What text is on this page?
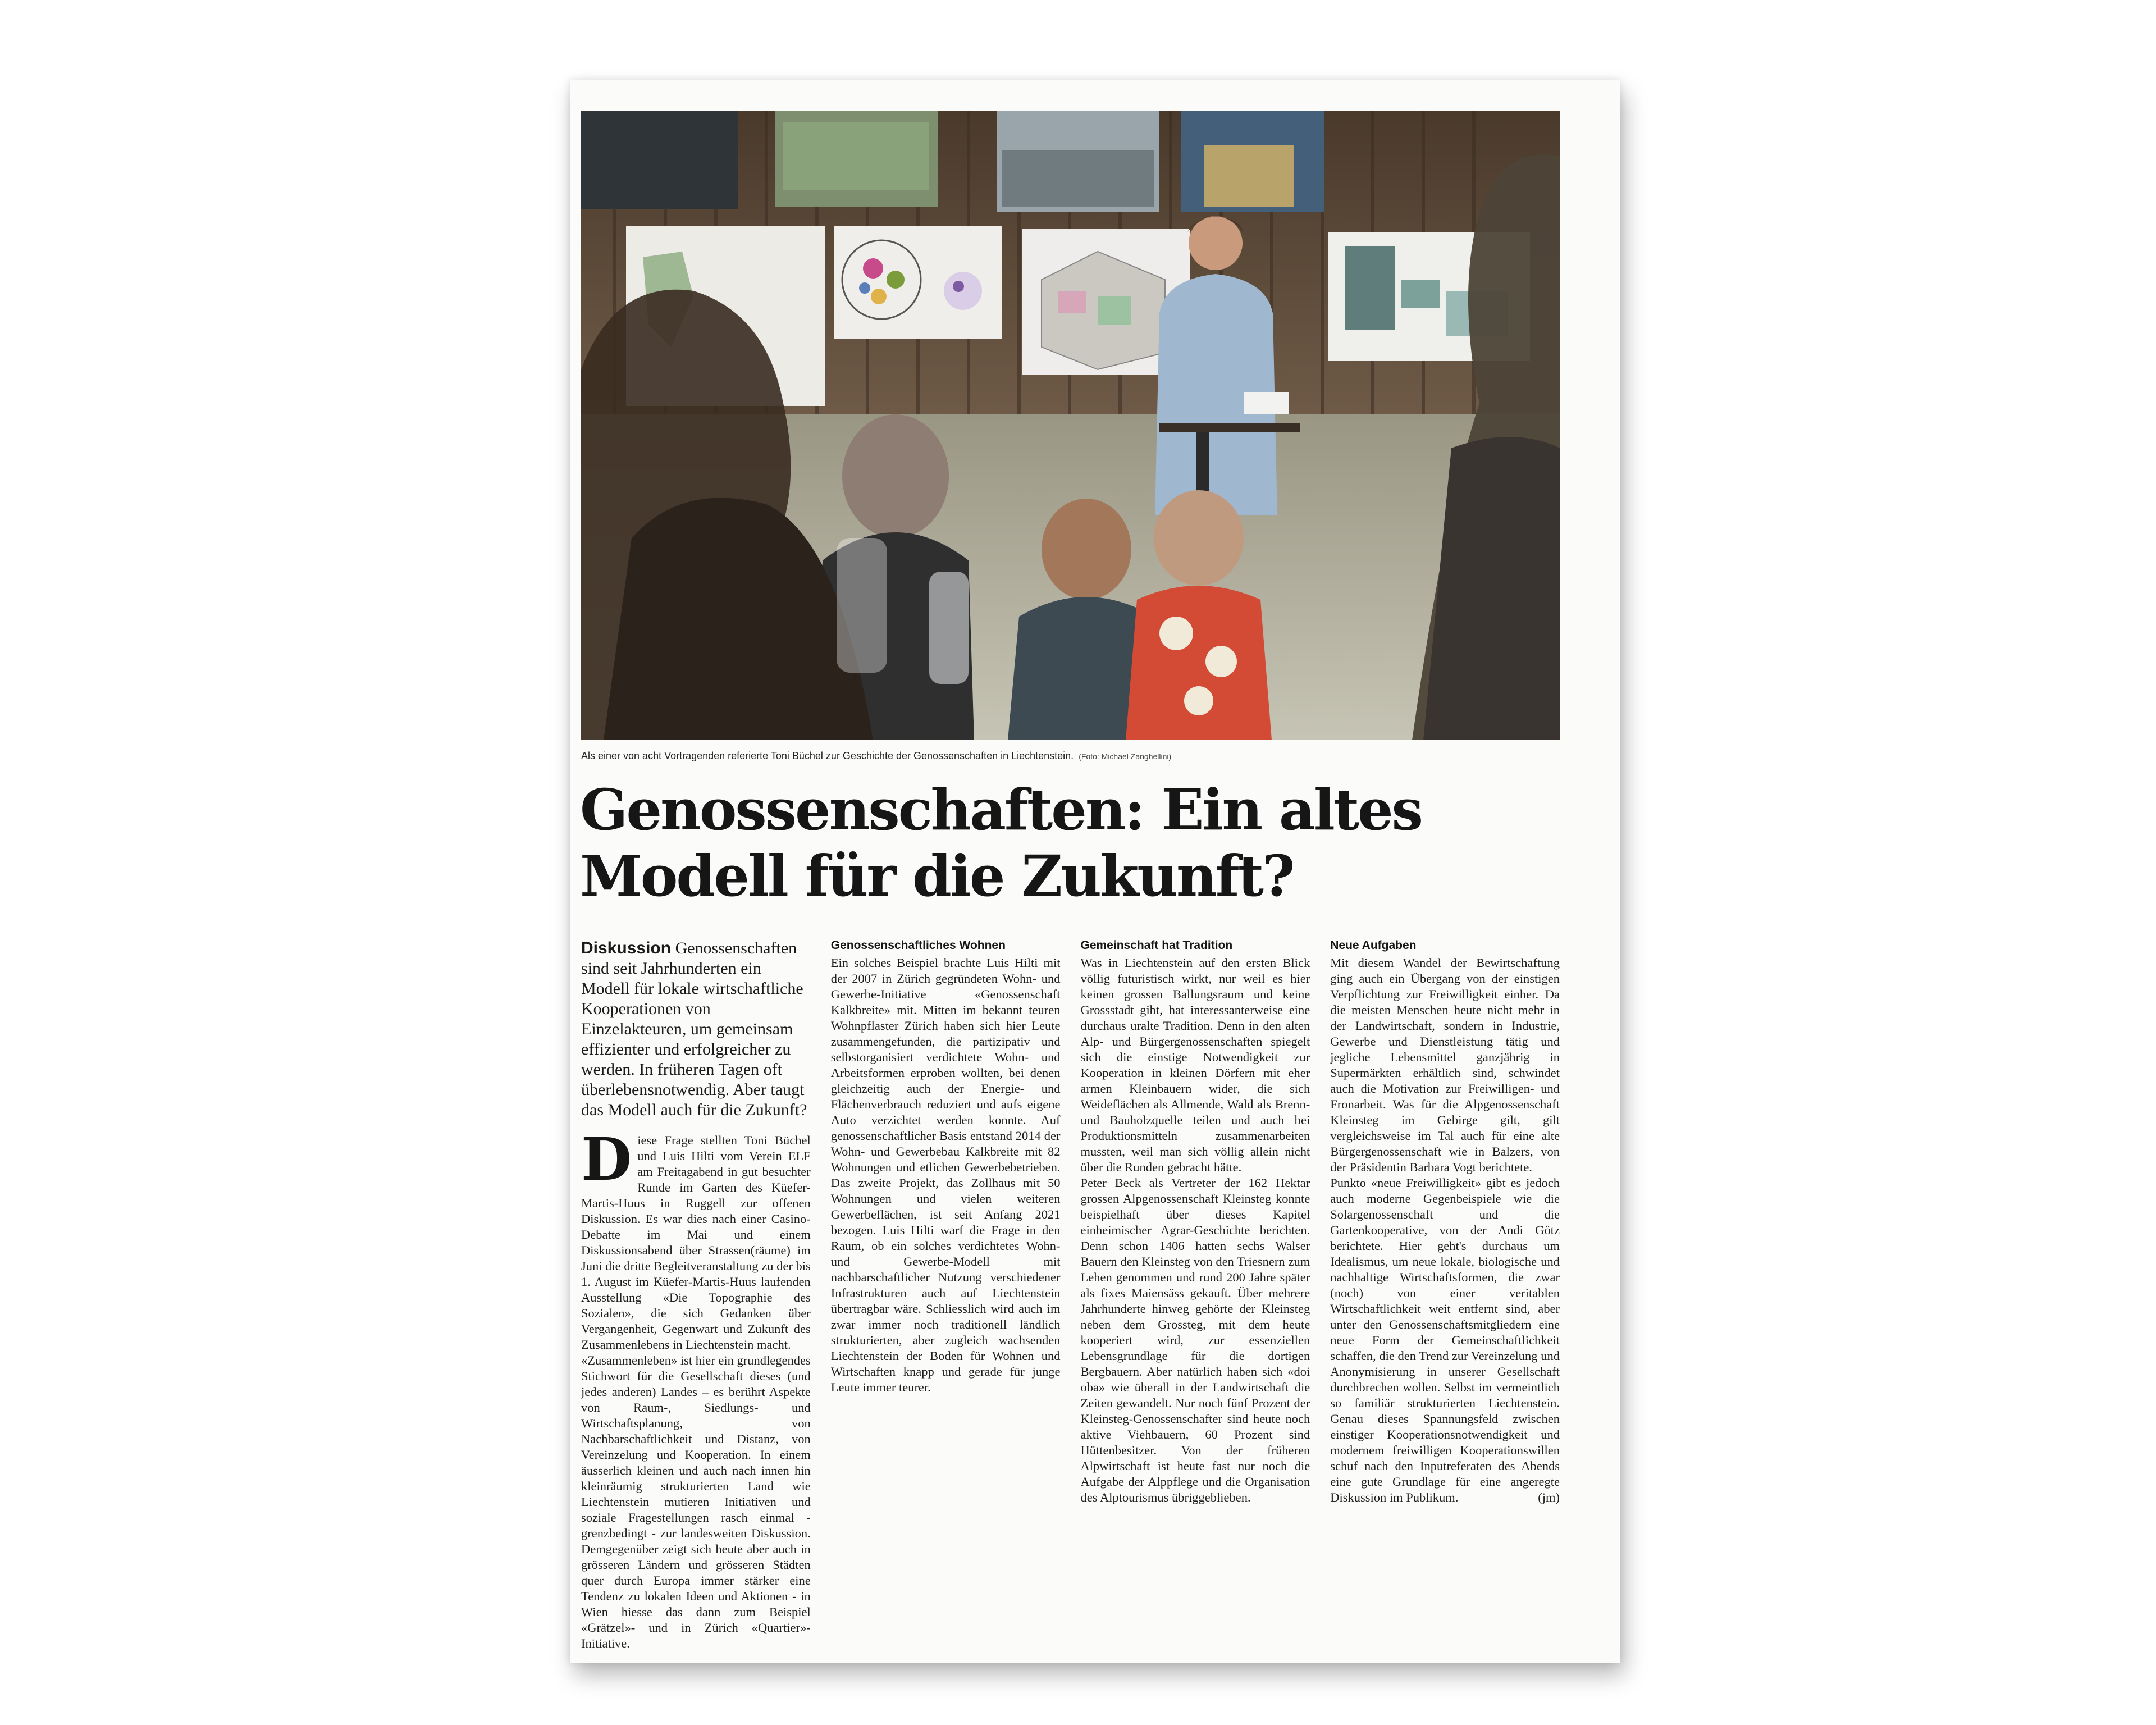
Als einer von acht Vortragenden referierte Toni Büchel zur Geschichte der Genossenschaften in Liechtenstein. (Foto: Michael Zanghellini)
Genossenschaften: Ein altes
Modell für die Zukunft?

Diskussion Genossenschaften sind seit Jahrhunderten ein Modell für lokale wirtschaftliche Kooperationen von Einzelakteuren, um gemeinsam effizienter und erfolgreicher zu werden. In früheren Tagen oft überlebensnotwendig. Aber taugt das Modell auch für die Zukunft?

Diese Frage stellten Toni Büchel und Luis Hilti vom Verein ELF am Freitagabend in gut besuchter Runde im Garten des Küefer-Martis-Huus in Ruggell zur offenen Diskussion. Es war dies nach einer Casino-Debatte im Mai und einem Diskussionsabend über Strassen(räume) im Juni die dritte Begleitveranstaltung zu der bis 1. August im Küefer-Martis-Huus laufenden Ausstellung «Die Topographie des Sozialen», die sich Gedanken über Vergangenheit, Gegenwart und Zukunft des Zusammenlebens in Liechtenstein macht.

«Zusammenleben» ist hier ein grundlegendes Stichwort für die Gesellschaft dieses (und jedes anderen) Landes – es berührt Aspekte von Raum-, Siedlungs- und Wirtschaftsplanung, von Nachbarschaftlichkeit und Distanz, von Vereinzelung und Kooperation. In einem äusserlich kleinen und auch nach innen hin kleinräumig strukturierten Land wie Liechtenstein mutieren Initiativen und soziale Fragestellungen rasch einmal - grenzbedingt - zur landesweiten Diskussion. Demgegenüber zeigt sich heute aber auch in grösseren Ländern und grösseren Städten quer durch Europa immer stärker eine Tendenz zu lokalen Ideen und Aktionen - in Wien hiesse das dann zum Beispiel «Grätzel»- und in Zürich «Quartier»-Initiative.

Genossenschaftliches Wohnen

Ein solches Beispiel brachte Luis Hilti mit der 2007 in Zürich gegründeten Wohn- und Gewerbe-Initiative «Genossenschaft Kalkbreite» mit. Mitten im bekannt teuren Wohnpflaster Zürich haben sich hier Leute zusammengefunden, die partizipativ und selbstorganisiert verdichtete Wohn- und Arbeitsformen erproben wollten, bei denen gleichzeitig auch der Energie- und Flächenverbrauch reduziert und aufs eigene Auto verzichtet werden konnte. Auf genossenschaftlicher Basis entstand 2014 der Wohn- und Gewerbebau Kalkbreite mit 82 Wohnungen und etlichen Gewerbebetrieben. Das zweite Projekt, das Zollhaus mit 50 Wohnungen und vielen weiteren Gewerbeflächen, ist seit Anfang 2021 bezogen. Luis Hilti warf die Frage in den Raum, ob ein solches verdichtetes Wohn- und Gewerbe-Modell mit nachbarschaftlicher Nutzung verschiedener Infrastrukturen auch auf Liechtenstein übertragbar wäre. Schliesslich wird auch im zwar immer noch traditionell ländlich strukturierten, aber zugleich wachsenden Liechtenstein der Boden für Wohnen und Wirtschaften knapp und gerade für junge Leute immer teurer.

Gemeinschaft hat Tradition

Was in Liechtenstein auf den ersten Blick völlig futuristisch wirkt, nur weil es hier keinen grossen Ballungsraum und keine Grossstadt gibt, hat interessanterweise eine durchaus uralte Tradition. Denn in den alten Alp- und Bürgergenossenschaften spiegelt sich die einstige Notwendigkeit zur Kooperation in kleinen Dörfern mit eher armen Kleinbauern wider, die sich Weideflächen als Allmende, Wald als Brenn- und Bauholzquelle teilen und auch bei Produktionsmitteln zusammenarbeiten mussten, weil man sich völlig allein nicht über die Runden gebracht hätte.

Peter Beck als Vertreter der 162 Hektar grossen Alpgenossenschaft Kleinsteg konnte beispielhaft über dieses Kapitel einheimischer Agrar-Geschichte berichten. Denn schon 1406 hatten sechs Walser Bauern den Kleinsteg von den Triesnern zum Lehen genommen und rund 200 Jahre später als fixes Maiensäss gekauft. Über mehrere Jahrhunderte hinweg gehörte der Kleinsteg neben dem Grossteg, mit dem heute kooperiert wird, zur essenziellen Lebensgrundlage für die dortigen Bergbauern. Aber natürlich haben sich «doi oba» wie überall in der Landwirtschaft die Zeiten gewandelt. Nur noch fünf Prozent der Kleinsteg-Genossenschafter sind heute noch aktive Viehbauern, 60 Prozent sind Hüttenbesitzer. Von der früheren Alpwirtschaft ist heute fast nur noch die Aufgabe der Alppflege und die Organisation des Alptourismus übriggeblieben.

Neue Aufgaben

Mit diesem Wandel der Bewirtschaftung ging auch ein Übergang von der einstigen Verpflichtung zur Freiwilligkeit einher. Da die meisten Menschen heute nicht mehr in der Landwirtschaft, sondern in Industrie, Gewerbe und Dienstleistung tätig und jegliche Lebensmittel ganzjährig in Supermärkten erhältlich sind, schwindet auch die Motivation zur Freiwilligen- und Fronarbeit. Was für die Alpgenossenschaft Kleinsteg im Gebirge gilt, gilt vergleichsweise im Tal auch für eine alte Bürgergenossenschaft wie in Balzers, von der Präsidentin Barbara Vogt berichtete.

Punkto «neue Freiwilligkeit» gibt es jedoch auch moderne Gegenbeispiele wie die Solargenossenschaft und die Gartenkooperative, von der Andi Götz berichtete. Hier geht's durchaus um Idealismus, um neue lokale, biologische und nachhaltige Wirtschaftsformen, die zwar (noch) von einer veritablen Wirtschaftlichkeit weit entfernt sind, aber unter den Genossenschaftsmitgliedern eine neue Form der Gemeinschaftlichkeit schaffen, die den Trend zur Vereinzelung und Anonymisierung in unserer Gesellschaft durchbrechen wollen. Selbst im vermeintlich so familiär strukturierten Liechtenstein. Genau dieses Spannungsfeld zwischen einstiger Kooperationsnotwendigkeit und modernem freiwilligen Kooperationswillen schuf nach den Inputreferaten des Abends eine gute Grundlage für eine angeregte Diskussion im Publikum.	(jm)
